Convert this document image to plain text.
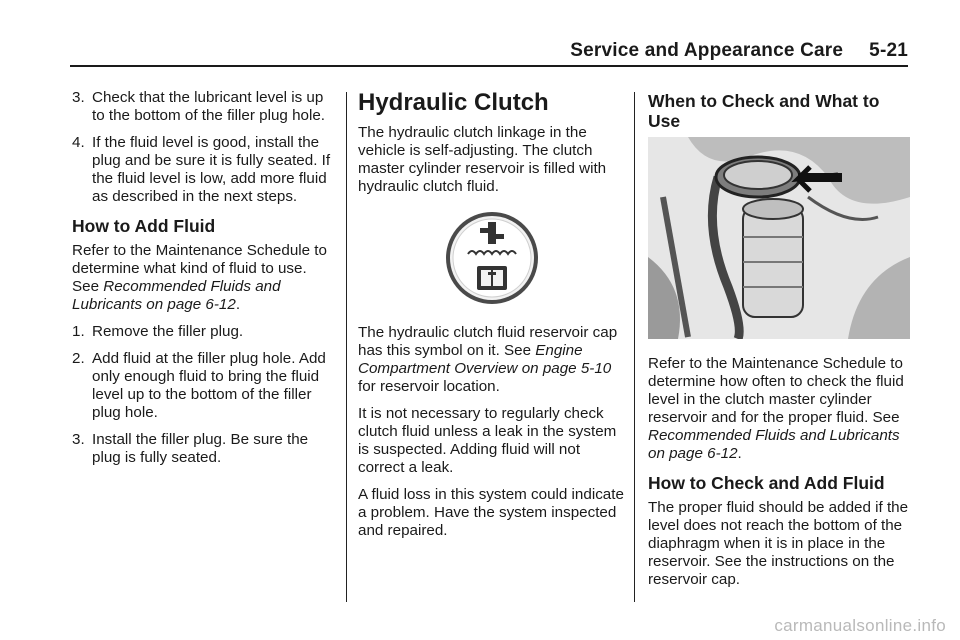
Service and Appearance Care 5-21
3. Check that the lubricant level is up to the bottom of the filler plug hole.
4. If the fluid level is good, install the plug and be sure it is fully seated. If the fluid level is low, add more fluid as described in the next steps.
How to Add Fluid

Refer to the Maintenance Schedule to determine what kind of fluid to use. See Recommended Fluids and Lubricants on page 6-12.

1. Remove the filler plug.
2. Add fluid at the filler plug hole. Add only enough fluid to bring the fluid level up to the bottom of the filler plug hole.
3. Install the filler plug. Be sure the plug is fully seated.
Hydraulic Clutch

The hydraulic clutch linkage in the vehicle is self-adjusting. The clutch master cylinder reservoir is filled with hydraulic clutch fluid.

The hydraulic clutch fluid reservoir cap has this symbol on it. See Engine Compartment Overview on page 5-10 for reservoir location.

It is not necessary to regularly check clutch fluid unless a leak in the system is suspected. Adding fluid will not correct a leak.

A fluid loss in this system could indicate a problem. Have the system inspected and repaired.

When to Check and What to Use

Refer to the Maintenance Schedule to determine how often to check the fluid level in the clutch master cylinder reservoir and for the proper fluid. See Recommended Fluids and Lubricants on page 6-12.

How to Check and Add Fluid

The proper fluid should be added if the level does not reach the bottom of the diaphragm when it is in place in the reservoir. See the instructions on the reservoir cap.

carmanualsonline.info
